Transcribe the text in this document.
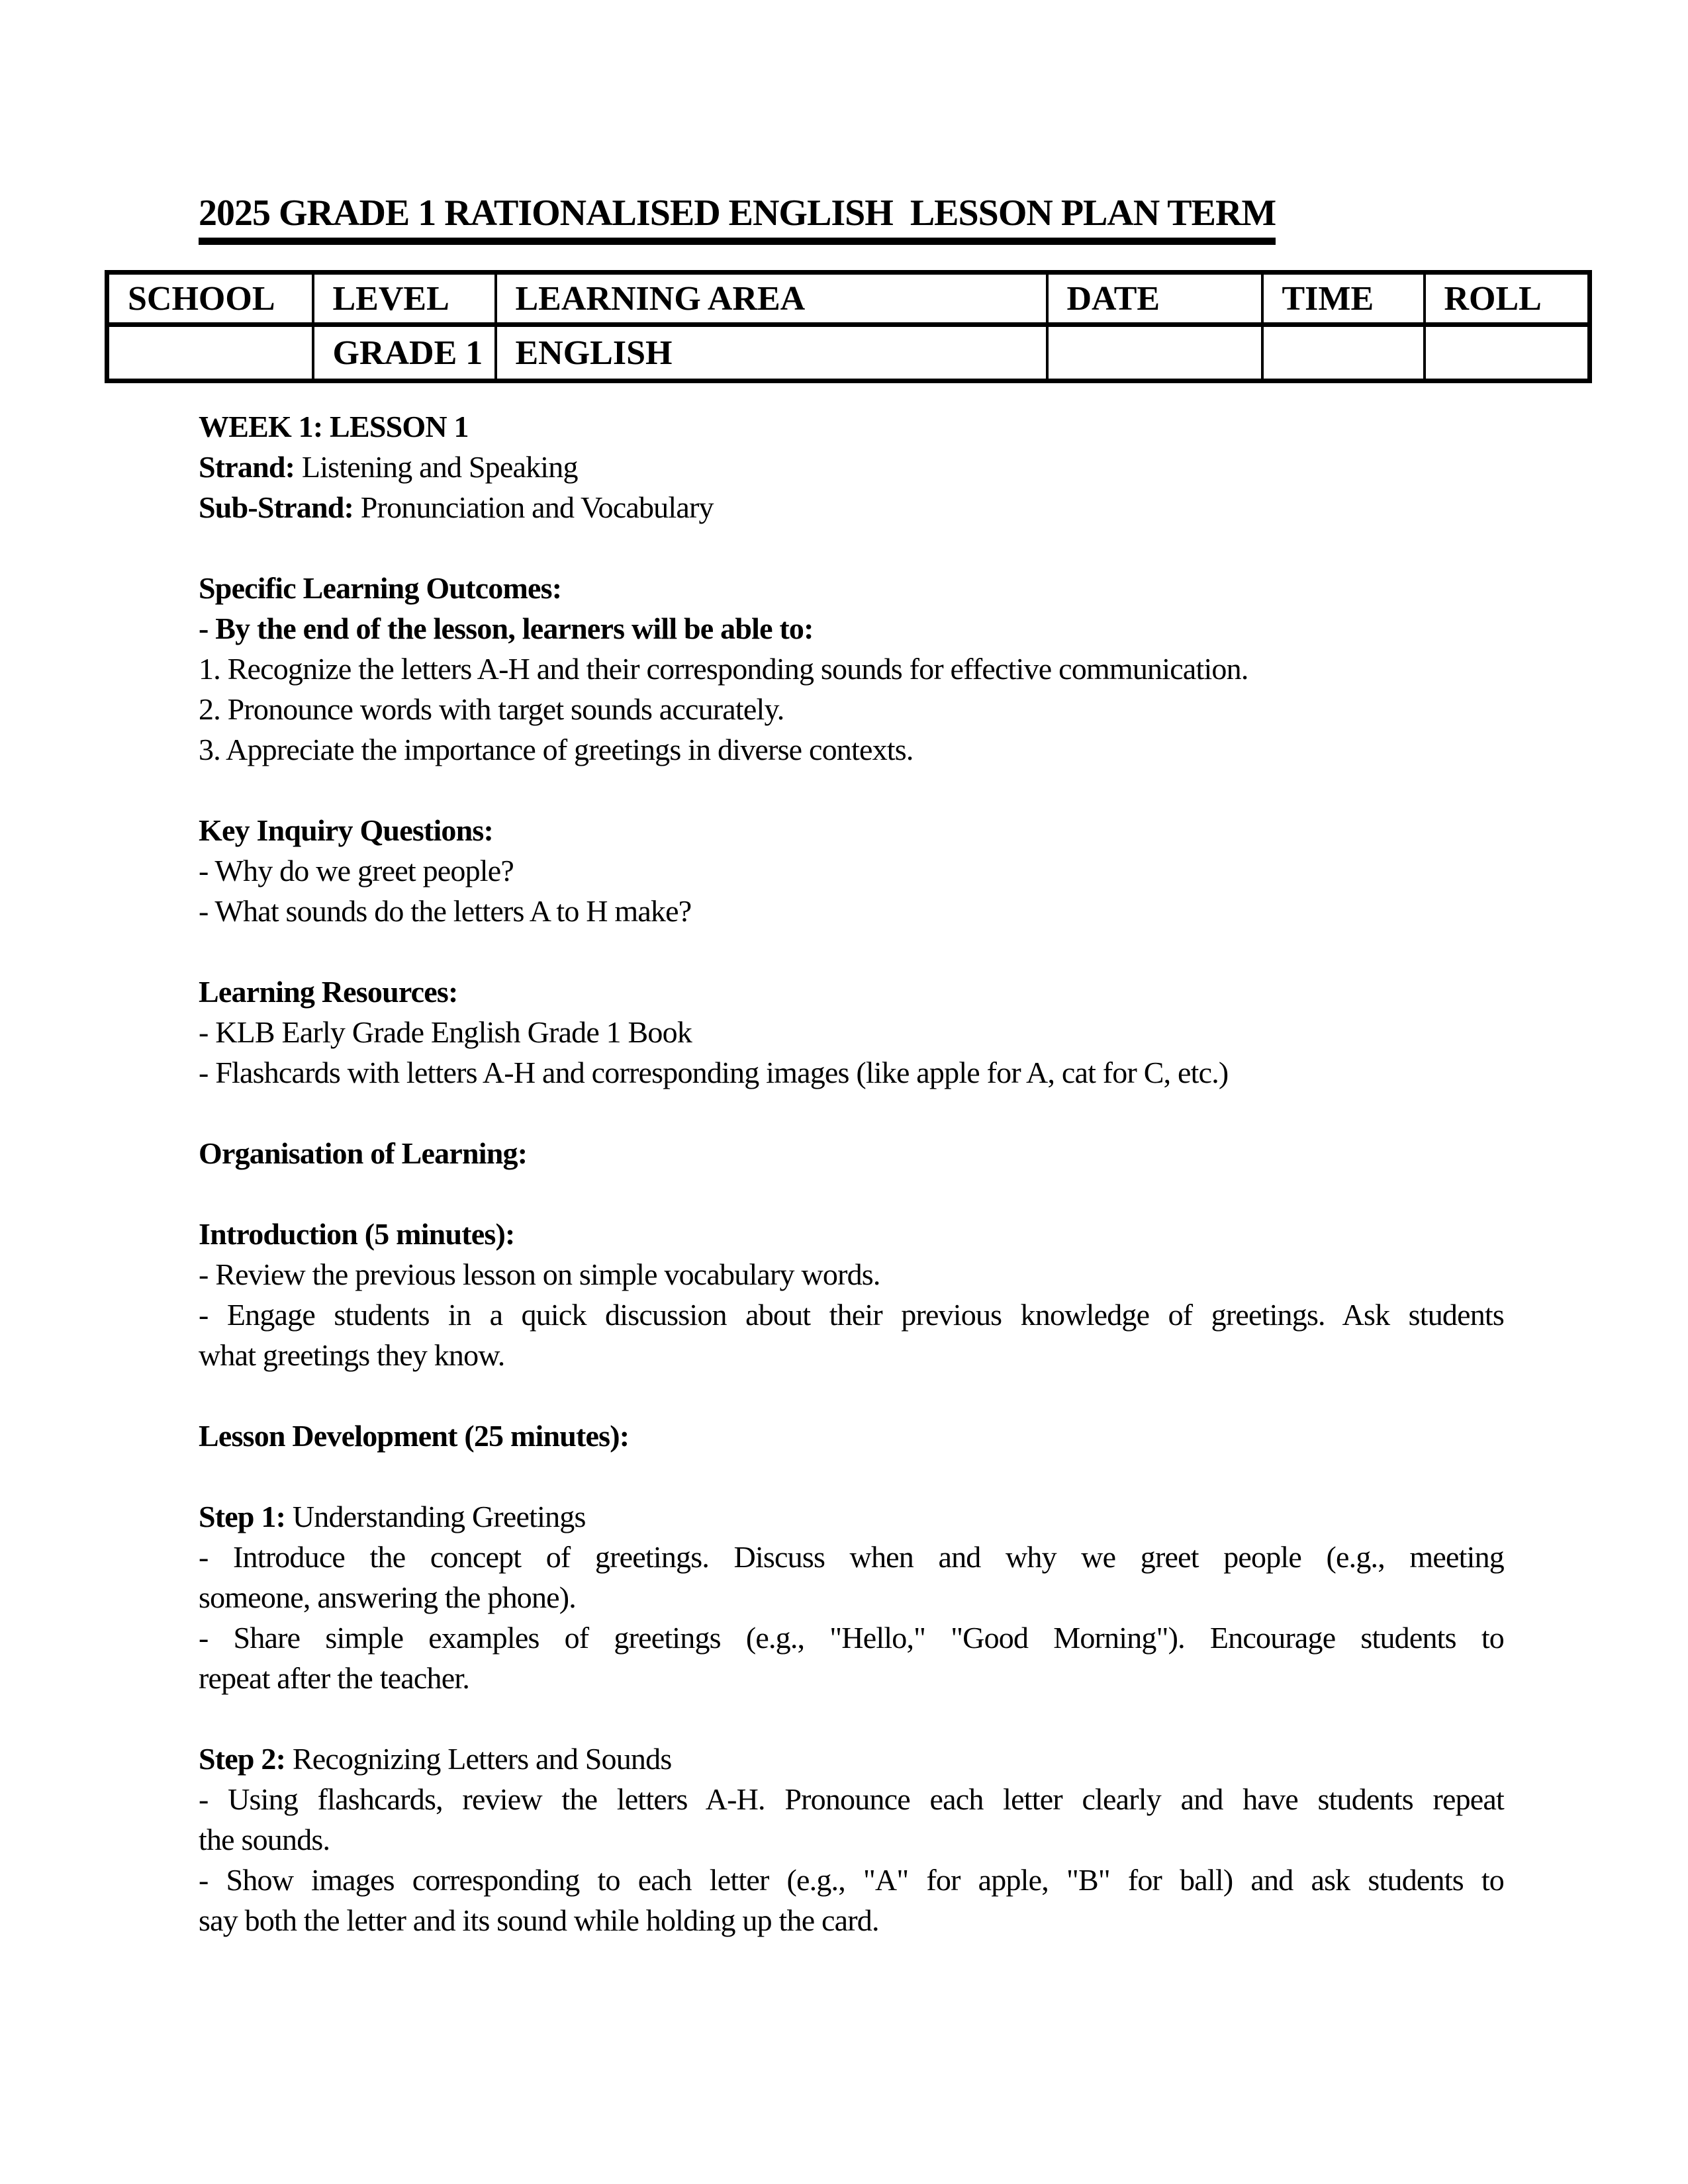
2025 GRADE 1 RATIONALISED ENGLISH  LESSON PLAN TERM
SCHOOL	LEVEL	LEARNING AREA	DATE	TIME	ROLL
	GRADE 1	ENGLISH			
WEEK 1: LESSON 1
Strand: Listening and Speaking
Sub-Strand: Pronunciation and Vocabulary
Specific Learning Outcomes:
- By the end of the lesson, learners will be able to:
1. Recognize the letters A-H and their corresponding sounds for effective communication.
2. Pronounce words with target sounds accurately.
3. Appreciate the importance of greetings in diverse contexts.
Key Inquiry Questions:
- Why do we greet people?
- What sounds do the letters A to H make?
Learning Resources:
- KLB Early Grade English Grade 1 Book
- Flashcards with letters A-H and corresponding images (like apple for A, cat for C, etc.)
Organisation of Learning:
Introduction (5 minutes):
- Review the previous lesson on simple vocabulary words.
- Engage students in a quick discussion about their previous knowledge of greetings. Ask students
what greetings they know.
Lesson Development (25 minutes):
Step 1: Understanding Greetings
- Introduce the concept of greetings. Discuss when and why we greet people (e.g., meeting
someone, answering the phone).
- Share simple examples of greetings (e.g., "Hello," "Good Morning"). Encourage students to
repeat after the teacher.
Step 2: Recognizing Letters and Sounds
- Using flashcards, review the letters A-H. Pronounce each letter clearly and have students repeat
the sounds.
- Show images corresponding to each letter (e.g., "A" for apple, "B" for ball) and ask students to
say both the letter and its sound while holding up the card.
